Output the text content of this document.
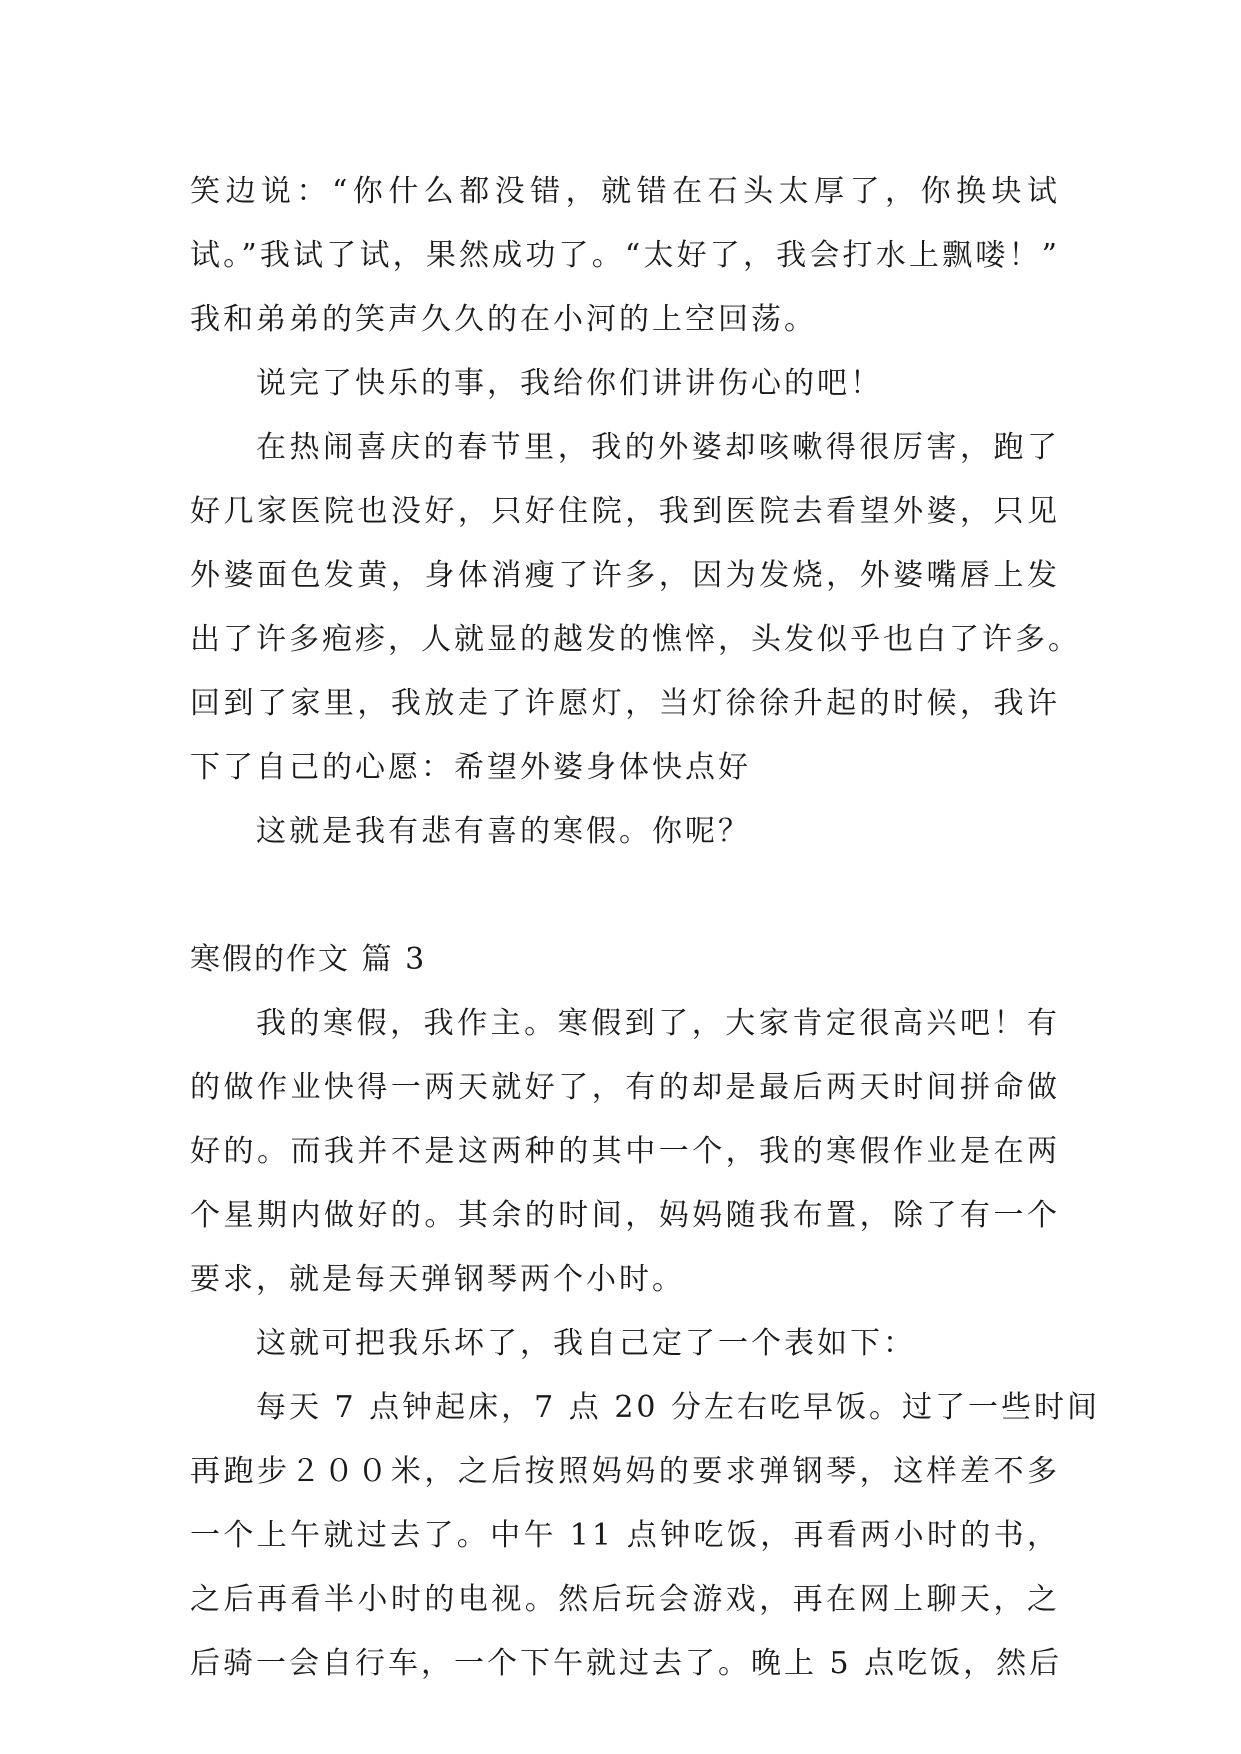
笑边说：“你什么都没错，就错在石头太厚了，你换块试
试。”我试了试，果然成功了。“太好了，我会打水上飘喽！”
我和弟弟的笑声久久的在小河的上空回荡。
说完了快乐的事，我给你们讲讲伤心的吧！
在热闹喜庆的春节里，我的外婆却咳嗽得很厉害，跑了
好几家医院也没好，只好住院，我到医院去看望外婆，只见
外婆面色发黄，身体消瘦了许多，因为发烧，外婆嘴唇上发
出了许多疱疹，人就显的越发的憔悴，头发似乎也白了许多。
回到了家里，我放走了许愿灯，当灯徐徐升起的时候，我许
下了自己的心愿：希望外婆身体快点好
这就是我有悲有喜的寒假。你呢？
寒假的作文 篇 3
我的寒假，我作主。寒假到了，大家肯定很高兴吧！有
的做作业快得一两天就好了，有的却是最后两天时间拼命做
好的。而我并不是这两种的其中一个，我的寒假作业是在两
个星期内做好的。其余的时间，妈妈随我布置，除了有一个
要求，就是每天弹钢琴两个小时。
这就可把我乐坏了，我自己定了一个表如下：
每天 7 点钟起床，7 点 20 分左右吃早饭。过了一些时间
再跑步２００米，之后按照妈妈的要求弹钢琴，这样差不多
一个上午就过去了。中午 11 点钟吃饭，再看两小时的书，
之后再看半小时的电视。然后玩会游戏，再在网上聊天，之
后骑一会自行车，一个下午就过去了。晚上 5 点吃饭，然后
